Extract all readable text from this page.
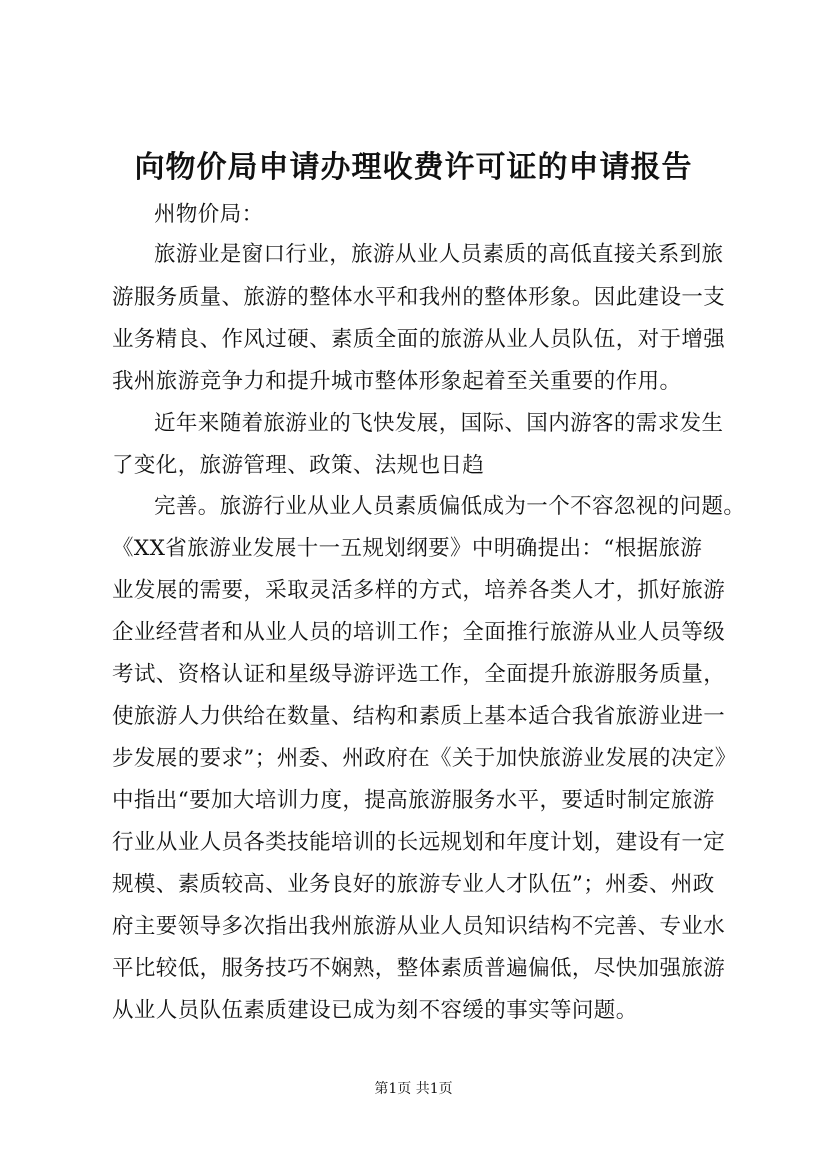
向物价局申请办理收费许可证的申请报告
州物价局：
旅游业是窗口行业，旅游从业人员素质的高低直接关系到旅
游服务质量、旅游的整体水平和我州的整体形象。因此建设一支
业务精良、作风过硬、素质全面的旅游从业人员队伍，对于增强
我州旅游竞争力和提升城市整体形象起着至关重要的作用。
近年来随着旅游业的飞快发展，国际、国内游客的需求发生
了变化，旅游管理、政策、法规也日趋
完善。旅游行业从业人员素质偏低成为一个不容忽视的问题。
《XX省旅游业发展十一五规划纲要》中明确提出：“根据旅游
业发展的需要，采取灵活多样的方式，培养各类人才，抓好旅游
企业经营者和从业人员的培训工作；全面推行旅游从业人员等级
考试、资格认证和星级导游评选工作，全面提升旅游服务质量，
使旅游人力供给在数量、结构和素质上基本适合我省旅游业进一
步发展的要求”；州委、州政府在《关于加快旅游业发展的决定》
中指出“要加大培训力度，提高旅游服务水平，要适时制定旅游
行业从业人员各类技能培训的长远规划和年度计划，建设有一定
规模、素质较高、业务良好的旅游专业人才队伍”；州委、州政
府主要领导多次指出我州旅游从业人员知识结构不完善、专业水
平比较低，服务技巧不娴熟，整体素质普遍偏低，尽快加强旅游
从业人员队伍素质建设已成为刻不容缓的事实等问题。
第1页 共1页
